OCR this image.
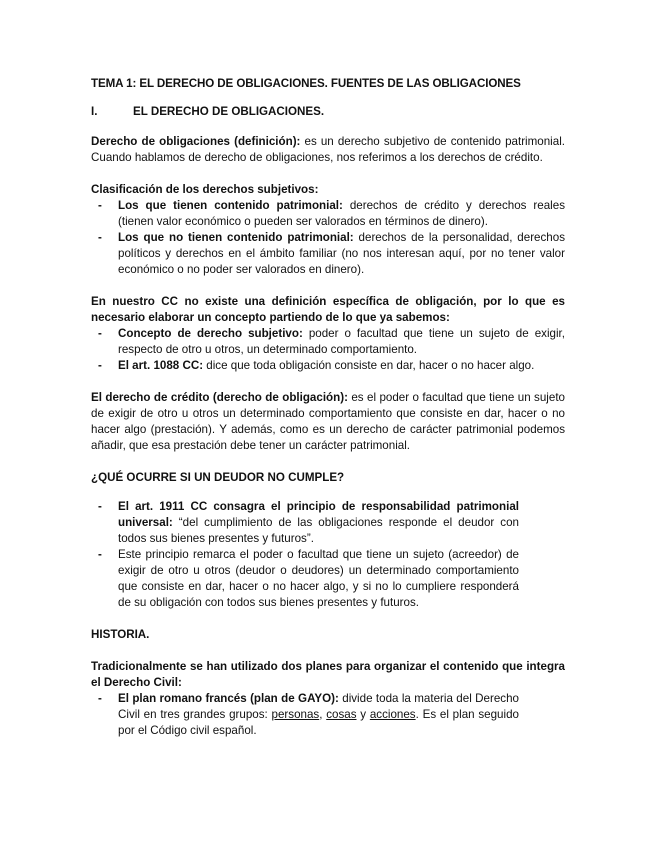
TEMA 1: EL DERECHO DE OBLIGACIONES. FUENTES DE LAS OBLIGACIONES
I.	EL DERECHO DE OBLIGACIONES.

Derecho de obligaciones (definición): es un derecho subjetivo de contenido patrimonial. Cuando hablamos de derecho de obligaciones, nos referimos a los derechos de crédito.

Clasificación de los derechos subjetivos:

- Los que tienen contenido patrimonial: derechos de crédito y derechos reales (tienen valor económico o pueden ser valorados en términos de dinero).
- Los que no tienen contenido patrimonial: derechos de la personalidad, derechos políticos y derechos en el ámbito familiar (no nos interesan aquí, por no tener valor económico o no poder ser valorados en dinero).

En nuestro CC no existe una definición específica de obligación, por lo que es necesario elaborar un concepto partiendo de lo que ya sabemos:

- Concepto de derecho subjetivo: poder o facultad que tiene un sujeto de exigir, respecto de otro u otros, un determinado comportamiento.
- El art. 1088 CC: dice que toda obligación consiste en dar, hacer o no hacer algo.

El derecho de crédito (derecho de obligación): es el poder o facultad que tiene un sujeto de exigir de otro u otros un determinado comportamiento que consiste en dar, hacer o no hacer algo (prestación). Y además, como es un derecho de carácter patrimonial podemos añadir, que esa prestación debe tener un carácter patrimonial.

¿QUÉ OCURRE SI UN DEUDOR NO CUMPLE?

- El art. 1911 CC consagra el principio de responsabilidad patrimonial universal: “del cumplimiento de las obligaciones responde el deudor con todos sus bienes presentes y futuros”.
- Este principio remarca el poder o facultad que tiene un sujeto (acreedor) de exigir de otro u otros (deudor o deudores) un determinado comportamiento que consiste en dar, hacer o no hacer algo, y si no lo cumpliere responderá de su obligación con todos sus bienes presentes y futuros.

HISTORIA.

Tradicionalmente se han utilizado dos planes para organizar el contenido que integra el Derecho Civil:

- El plan romano francés (plan de GAYO): divide toda la materia del Derecho Civil en tres grandes grupos: personas, cosas y acciones. Es el plan seguido por el Código civil español.
